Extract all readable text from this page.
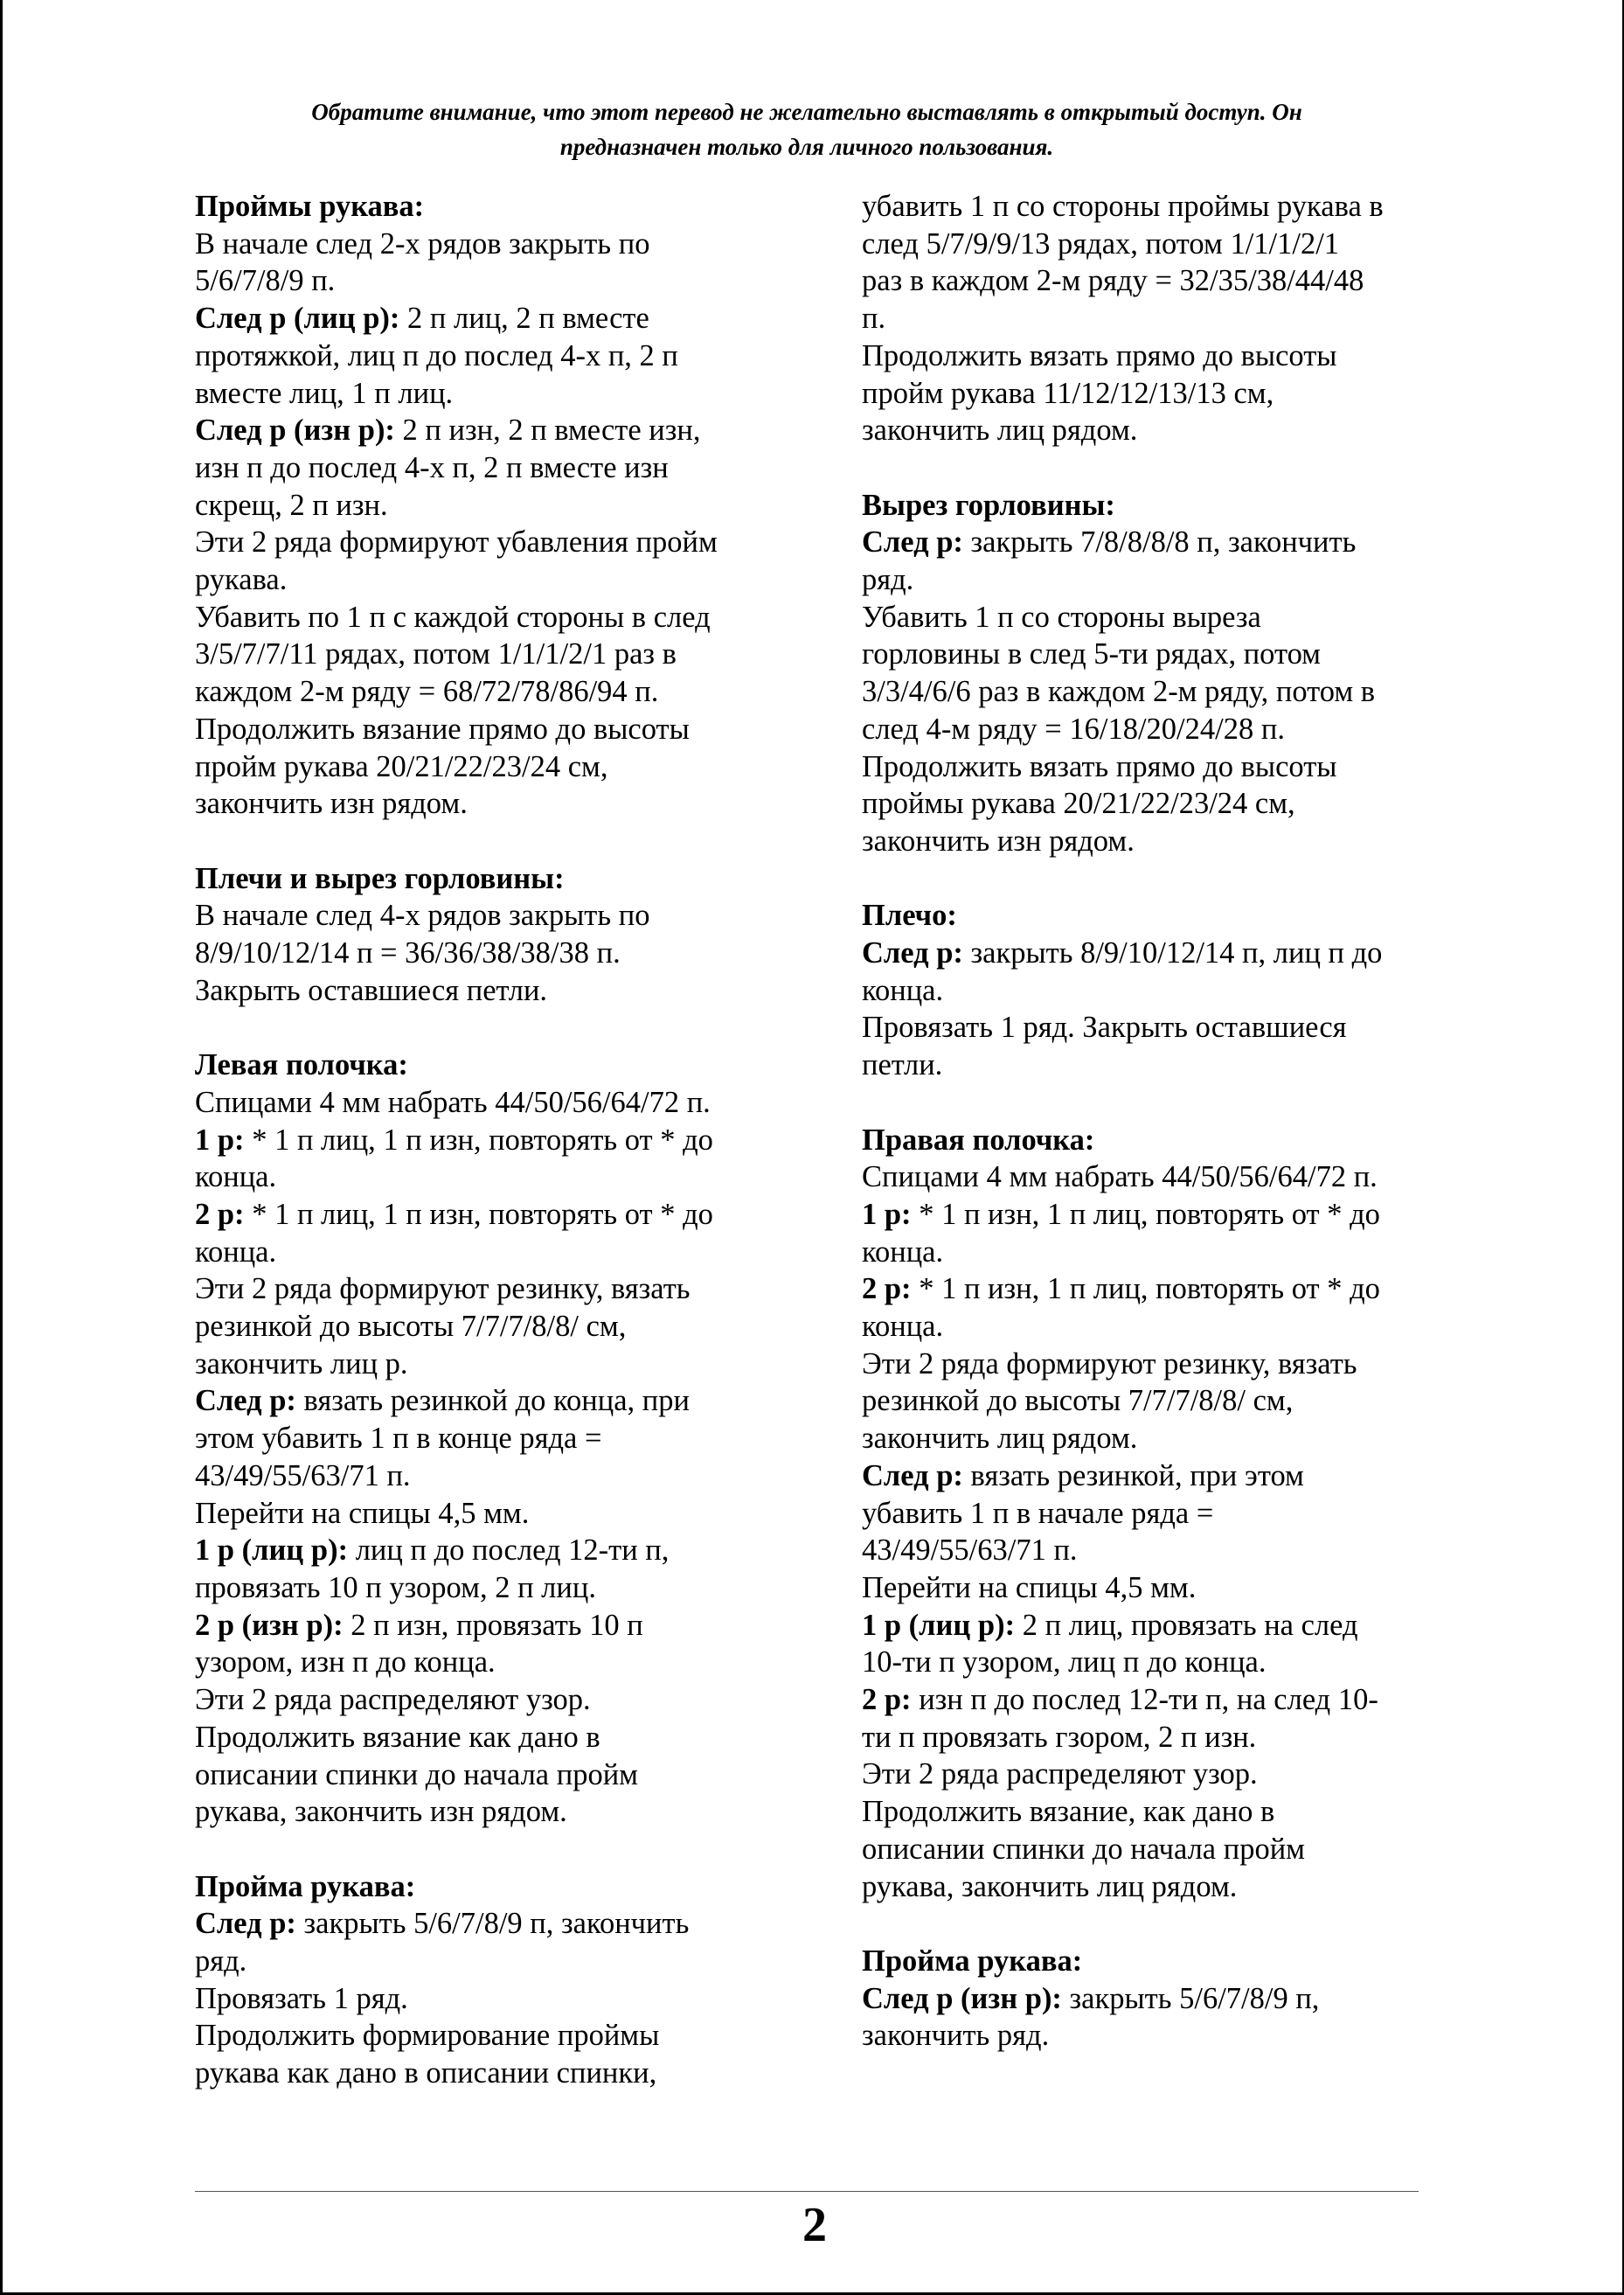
Обратите внимание, что этот перевод не желательно выставлять в открытый доступ. Он
предназначен только для личного пользования.
Проймы рукава:
В начале след 2-х рядов закрыть по
5/6/7/8/9 п.
След р (лиц р): 2 п лиц, 2 п вместе
протяжкой, лиц п до послед 4-х п, 2 п
вместе лиц, 1 п лиц.
След р (изн р): 2 п изн, 2 п вместе изн,
изн п до послед 4-х п, 2 п вместе изн
скрещ, 2 п изн.
Эти 2 ряда формируют убавления пройм
рукава.
Убавить по 1 п с каждой стороны в след
3/5/7/7/11 рядах, потом 1/1/1/2/1 раз в
каждом 2-м ряду = 68/72/78/86/94 п.
Продолжить вязание прямо до высоты
пройм рукава 20/21/22/23/24 см,
закончить изн рядом.
Плечи и вырез горловины:
В начале след 4-х рядов закрыть по
8/9/10/12/14 п = 36/36/38/38/38 п.
Закрыть оставшиеся петли.
Левая полочка:
Спицами 4 мм набрать 44/50/56/64/72 п.
1 р: * 1 п лиц, 1 п изн, повторять от * до
конца.
2 р: * 1 п лиц, 1 п изн, повторять от * до
конца.
Эти 2 ряда формируют резинку, вязать
резинкой до высоты 7/7/7/8/8/ см,
закончить лиц р.
След р: вязать резинкой до конца, при
этом убавить 1 п в конце ряда =
43/49/55/63/71 п.
Перейти на спицы 4,5 мм.
1 р (лиц р): лиц п до послед 12-ти п,
провязать 10 п узором, 2 п лиц.
2 р (изн р): 2 п изн, провязать 10 п
узором, изн п до конца.
Эти 2 ряда распределяют узор.
Продолжить вязание как дано в
описании спинки до начала пройм
рукава, закончить изн рядом.
Пройма рукава:
След р: закрыть 5/6/7/8/9 п, закончить
ряд.
Провязать 1 ряд.
Продолжить формирование проймы
рукава как дано в описании спинки,
убавить 1 п со стороны проймы рукава в
след 5/7/9/9/13 рядах, потом 1/1/1/2/1
раз в каждом 2-м ряду = 32/35/38/44/48
п.
Продолжить вязать прямо до высоты
пройм рукава 11/12/12/13/13 см,
закончить лиц рядом.
Вырез горловины:
След р: закрыть 7/8/8/8/8 п, закончить
ряд.
Убавить 1 п со стороны выреза
горловины в след 5-ти рядах, потом
3/3/4/6/6 раз в каждом 2-м ряду, потом в
след 4-м ряду = 16/18/20/24/28 п.
Продолжить вязать прямо до высоты
проймы рукава 20/21/22/23/24 см,
закончить изн рядом.
Плечо:
След р: закрыть 8/9/10/12/14 п, лиц п до
конца.
Провязать 1 ряд. Закрыть оставшиеся
петли.
Правая полочка:
Спицами 4 мм набрать 44/50/56/64/72 п.
1 р: * 1 п изн, 1 п лиц, повторять от * до
конца.
2 р: * 1 п изн, 1 п лиц, повторять от * до
конца.
Эти 2 ряда формируют резинку, вязать
резинкой до высоты 7/7/7/8/8/ см,
закончить лиц рядом.
След р: вязать резинкой, при этом
убавить 1 п в начале ряда =
43/49/55/63/71 п.
Перейти на спицы 4,5 мм.
1 р (лиц р): 2 п лиц, провязать на след
10-ти п узором, лиц п до конца.
2 р: изн п до послед 12-ти п, на след 10-
ти п провязать гзором, 2 п изн.
Эти 2 ряда распределяют узор.
Продолжить вязание, как дано в
описании спинки до начала пройм
рукава, закончить лиц рядом.
Пройма рукава:
След р (изн р): закрыть 5/6/7/8/9 п,
закончить ряд.
2
